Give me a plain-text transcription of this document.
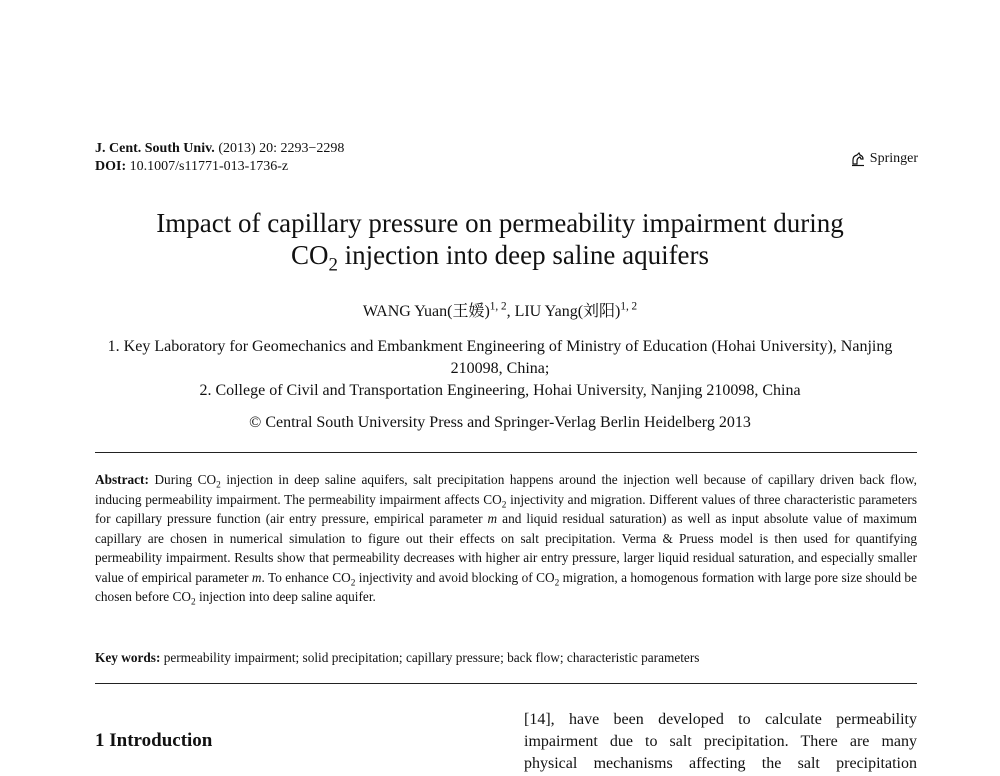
J. Cent. South Univ. (2013) 20: 2293−2298
DOI: 10.1007/s11771-013-1736-z
Springer
Impact of capillary pressure on permeability impairment during
$CO_2$ injection into deep saline aquifers
WANG Yuan(王媛)$^{1, 2}$, LIU Yang(刘阳)$^{1, 2}$
1. Key Laboratory for Geomechanics and Embankment Engineering of Ministry of Education (Hohai University), Nanjing 210098, China;
2. College of Civil and Transportation Engineering, Hohai University, Nanjing 210098, China
© Central South University Press and Springer-Verlag Berlin Heidelberg 2013
Abstract: During $CO_2$ injection in deep saline aquifers, salt precipitation happens around the injection well because of capillary driven back flow, inducing permeability impairment. The permeability impairment affects $CO_2$ injectivity and migration. Different values of three characteristic parameters for capillary pressure function (air entry pressure, empirical parameter m and liquid residual saturation) as well as input absolute value of maximum capillary are chosen in numerical simulation to figure out their effects on salt precipitation. Verma & Pruess model is then used for quantifying permeability impairment. Results show that permeability decreases with higher air entry pressure, larger liquid residual saturation, and especially smaller value of empirical parameter m. To enhance $CO_2$ injectivity and avoid blocking of $CO_2$ migration, a homogenous formation with large pore size should be chosen before $CO_2$ injection into deep saline aquifer.
Key words: permeability impairment; solid precipitation; capillary pressure; back flow; characteristic parameters
1 Introduction
[14], have been developed to calculate permeability
impairment due to salt precipitation. There are many
physical mechanisms affecting the salt precipitation
